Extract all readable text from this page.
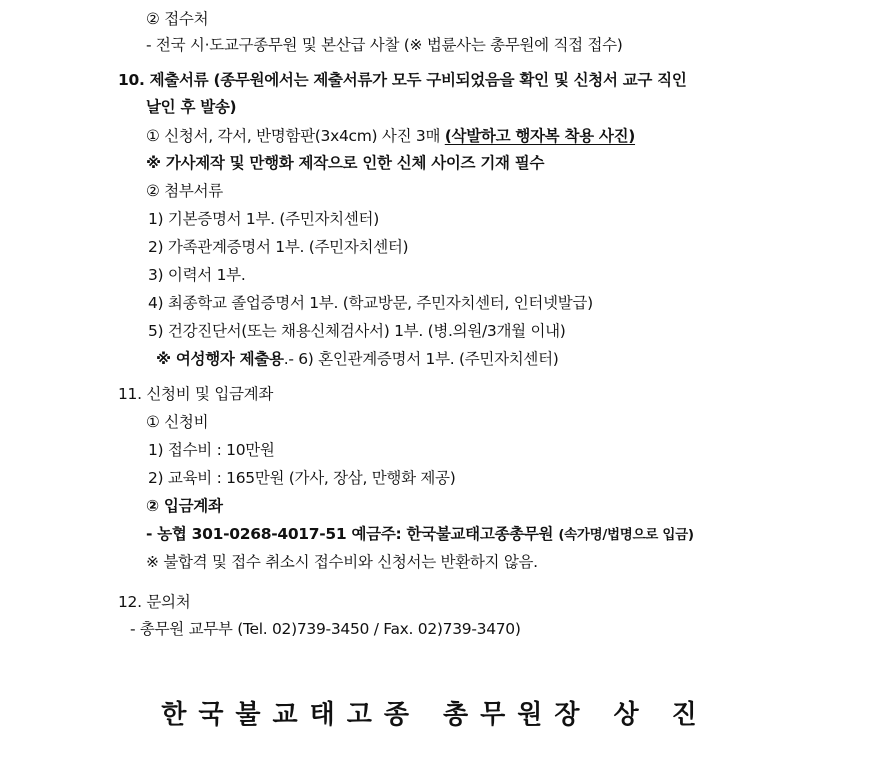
② 접수처
- 전국 시·도교구종무원 및 본산급 사찰 (※ 법륜사는 총무원에 직접 접수)
10. 제출서류 (종무원에서는 제출서류가 모두 구비되었음을 확인 및 신청서 교구 직인
날인 후 발송)
① 신청서, 각서, 반명함판(3x4cm) 사진 3매 (삭발하고 행자복 착용 사진)
※ 가사제작 및 만행화 제작으로 인한 신체 사이즈 기재 필수
② 첨부서류
1) 기본증명서 1부. (주민자치센터)
2) 가족관계증명서 1부. (주민자치센터)
3) 이력서 1부.
4) 최종학교 졸업증명서 1부. (학교방문, 주민자치센터, 인터넷발급)
5) 건강진단서(또는 채용신체검사서) 1부. (병.의원/3개월 이내)
※ 여성행자 제출용.- 6) 혼인관계증명서 1부. (주민자치센터)
11. 신청비 및 입금계좌
① 신청비
1) 접수비 : 10만원
2) 교육비 : 165만원 (가사, 장삼, 만행화 제공)
② 입금계좌
- 농협 301-0268-4017-51 예금주: 한국불교태고종총무원 (속가명/법명으로 입금)
※ 불합격 및 접수 취소시 접수비와 신청서는 반환하지 않음.
12. 문의처
- 총무원 교무부 (Tel. 02)739-3450 / Fax. 02)739-3470)
한국불교태고종 총무원장 상 진
